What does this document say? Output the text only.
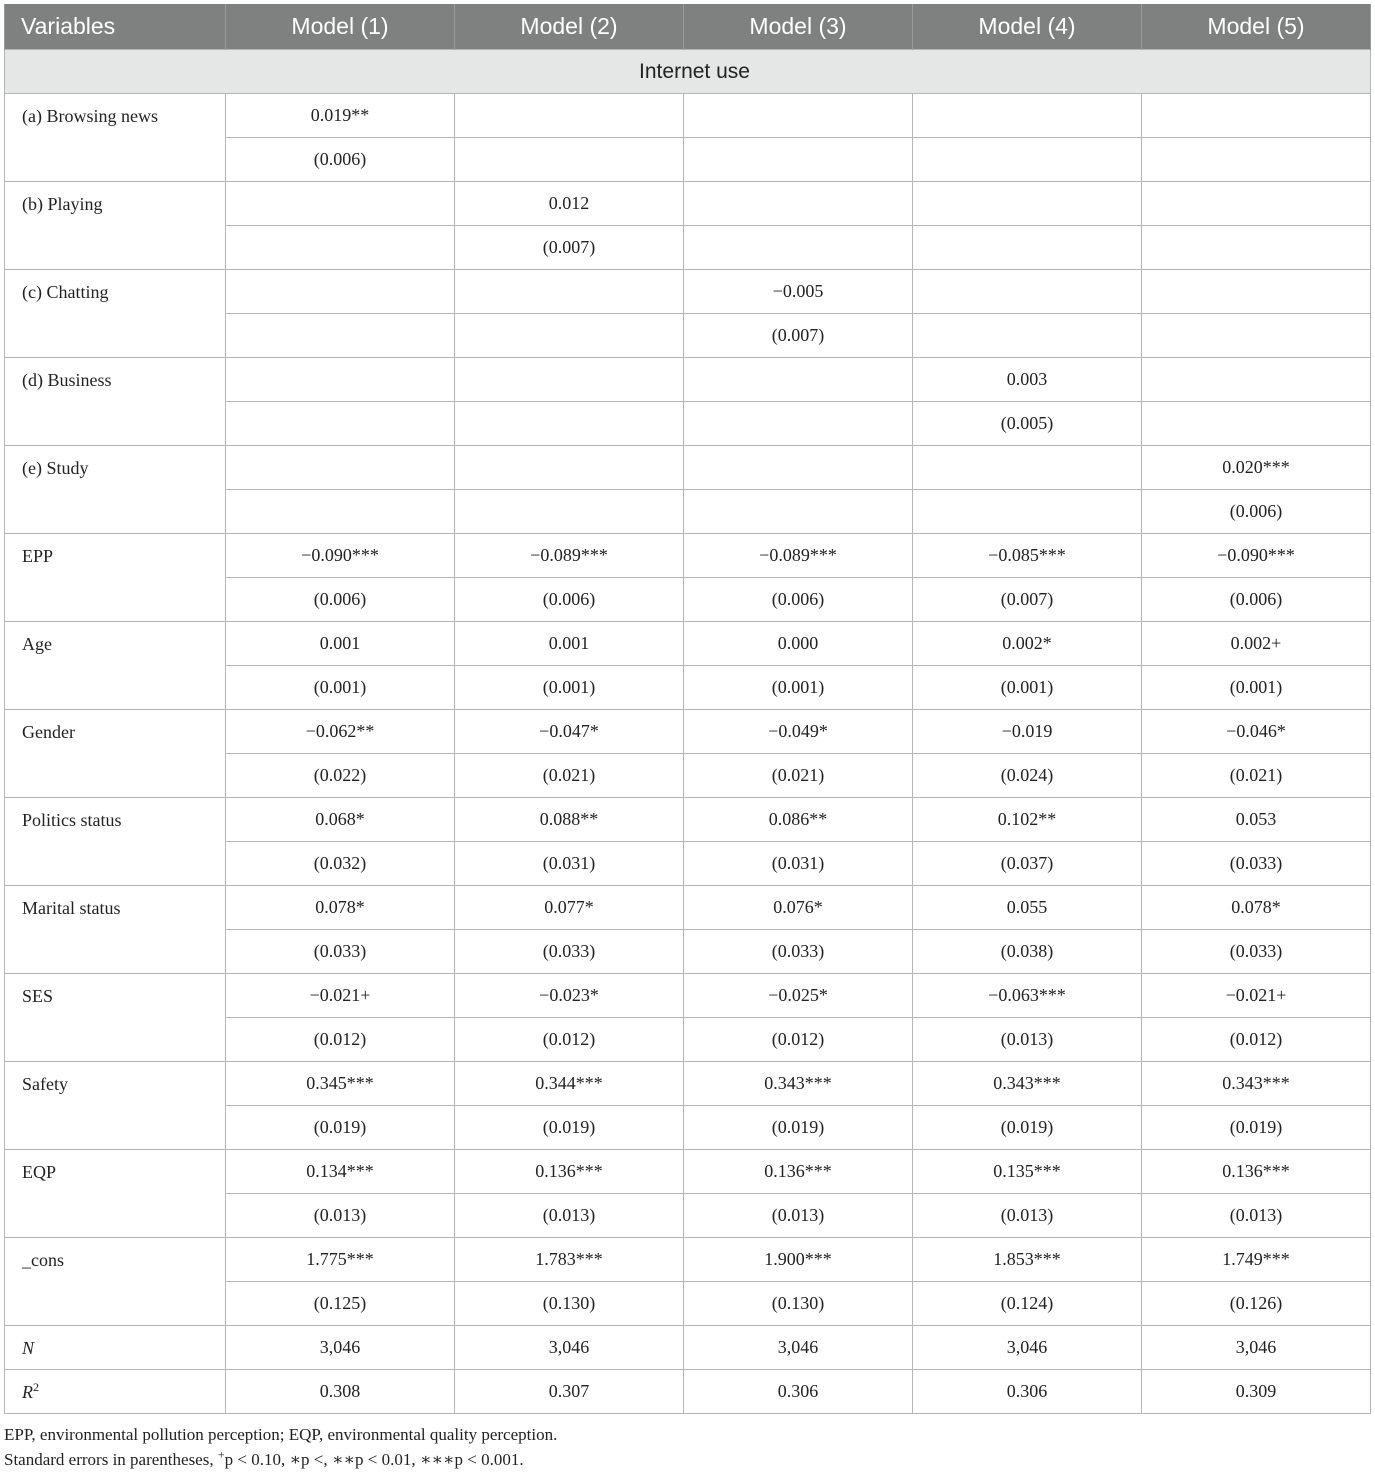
Variables	Model (1)	Model (2)	Model (3)	Model (4)	Model (5)
Internet use					
(a) Browsing news	0.019**				
	(0.006)				
(b) Playing		0.012			
		(0.007)			
(c) Chatting			−0.005		
			(0.007)		
(d) Business				0.003	
				(0.005)	
(e) Study					0.020***
					(0.006)
EPP	−0.090***	−0.089***	−0.089***	−0.085***	−0.090***
	(0.006)	(0.006)	(0.006)	(0.007)	(0.006)
Age	0.001	0.001	0.000	0.002*	0.002+
	(0.001)	(0.001)	(0.001)	(0.001)	(0.001)
Gender	−0.062**	−0.047*	−0.049*	−0.019	−0.046*
	(0.022)	(0.021)	(0.021)	(0.024)	(0.021)
Politics status	0.068*	0.088**	0.086**	0.102**	0.053
	(0.032)	(0.031)	(0.031)	(0.037)	(0.033)
Marital status	0.078*	0.077*	0.076*	0.055	0.078*
	(0.033)	(0.033)	(0.033)	(0.038)	(0.033)
SES	−0.021+	−0.023*	−0.025*	−0.063***	−0.021+
	(0.012)	(0.012)	(0.012)	(0.013)	(0.012)
Safety	0.345***	0.344***	0.343***	0.343***	0.343***
	(0.019)	(0.019)	(0.019)	(0.019)	(0.019)
EQP	0.134***	0.136***	0.136***	0.135***	0.136***
	(0.013)	(0.013)	(0.013)	(0.013)	(0.013)
_cons	1.775***	1.783***	1.900***	1.853***	1.749***
	(0.125)	(0.130)	(0.130)	(0.124)	(0.126)
N	3,046	3,046	3,046	3,046	3,046
$R^2$	0.308	0.307	0.306	0.306	0.309
EPP, environmental pollution perception; EQP, environmental quality perception.
Standard errors in parentheses, +p < 0.10, ∗p <, ∗∗p < 0.01, ∗∗∗p < 0.001.
